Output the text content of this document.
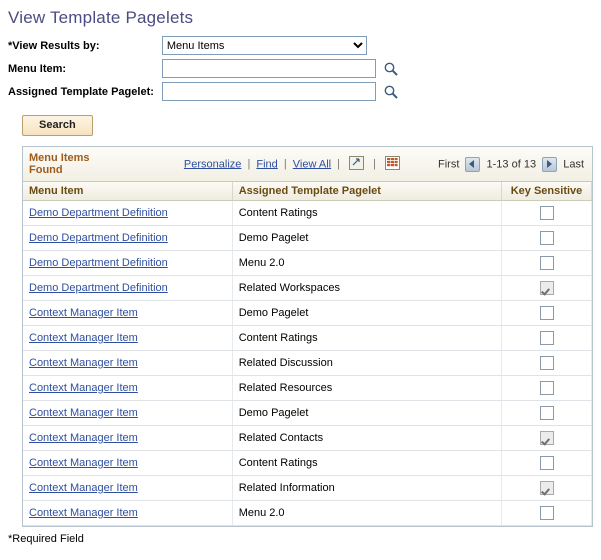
View Template Pagelets
*View Results by:	
Menu Items
Menu Item:	
Assigned Template Pagelet:	
Search
Menu Items
Found
Personalize | Find | View All |	|	First 1-13 of 13 Last
Menu Item	Assigned Template Pagelet	Key Sensitive
Demo Department Definition	Content Ratings	
Demo Department Definition	Demo Pagelet	
Demo Department Definition	Menu 2.0	
Demo Department Definition	Related Workspaces	
Context Manager Item	Demo Pagelet	
Context Manager Item	Content Ratings	
Context Manager Item	Related Discussion	
Context Manager Item	Related Resources	
Context Manager Item	Demo Pagelet	
Context Manager Item	Related Contacts	
Context Manager Item	Content Ratings	
Context Manager Item	Related Information	
Context Manager Item	Menu 2.0	
*Required Field
